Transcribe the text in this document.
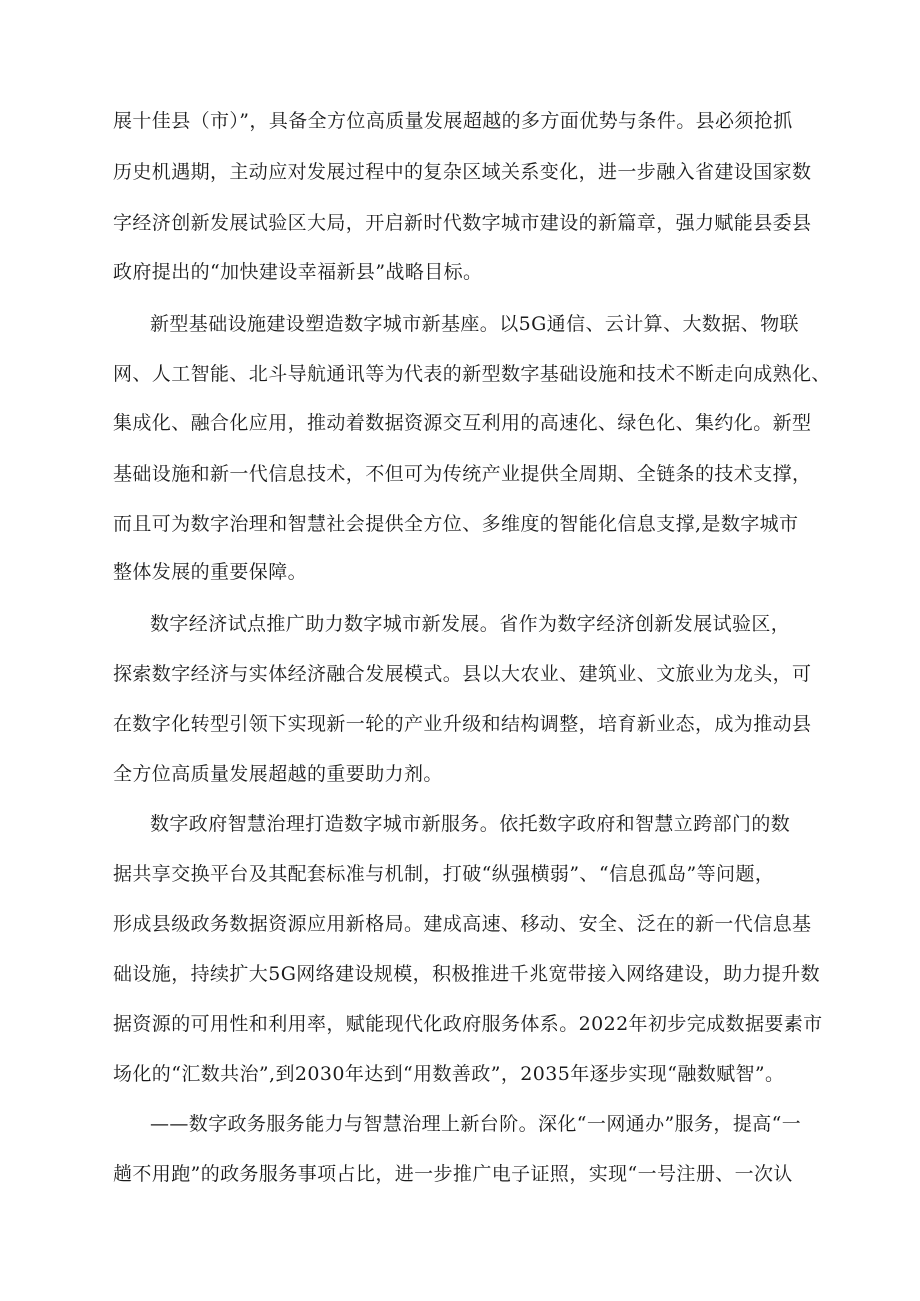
展十佳县（市）”，具备全方位高质量发展超越的多方面优势与条件。县必须抢抓
历史机遇期，主动应对发展过程中的复杂区域关系变化，进一步融入省建设国家数
字经济创新发展试验区大局，开启新时代数字城市建设的新篇章，强力赋能县委县
政府提出的“加快建设幸福新县”战略目标。
新型基础设施建设塑造数字城市新基座。以5G通信、云计算、大数据、物联
网、人工智能、北斗导航通讯等为代表的新型数字基础设施和技术不断走向成熟化、
集成化、融合化应用，推动着数据资源交互利用的高速化、绿色化、集约化。新型
基础设施和新一代信息技术，不但可为传统产业提供全周期、全链条的技术支撑，
而且可为数字治理和智慧社会提供全方位、多维度的智能化信息支撑,是数字城市
整体发展的重要保障。
数字经济试点推广助力数字城市新发展。省作为数字经济创新发展试验区，
探索数字经济与实体经济融合发展模式。县以大农业、建筑业、文旅业为龙头，可
在数字化转型引领下实现新一轮的产业升级和结构调整，培育新业态，成为推动县
全方位高质量发展超越的重要助力剂。
数字政府智慧治理打造数字城市新服务。依托数字政府和智慧立跨部门的数
据共享交换平台及其配套标准与机制，打破“纵强横弱”、“信息孤岛”等问题，
形成县级政务数据资源应用新格局。建成高速、移动、安全、泛在的新一代信息基
础设施，持续扩大5G网络建设规模，积极推进千兆宽带接入网络建设，助力提升数
据资源的可用性和利用率，赋能现代化政府服务体系。2022年初步完成数据要素市
场化的“汇数共治”,到2030年达到“用数善政”，2035年逐步实现“融数赋智”。
——数字政务服务能力与智慧治理上新台阶。深化“一网通办”服务，提高“一
趟不用跑”的政务服务事项占比，进一步推广电子证照，实现“一号注册、一次认
